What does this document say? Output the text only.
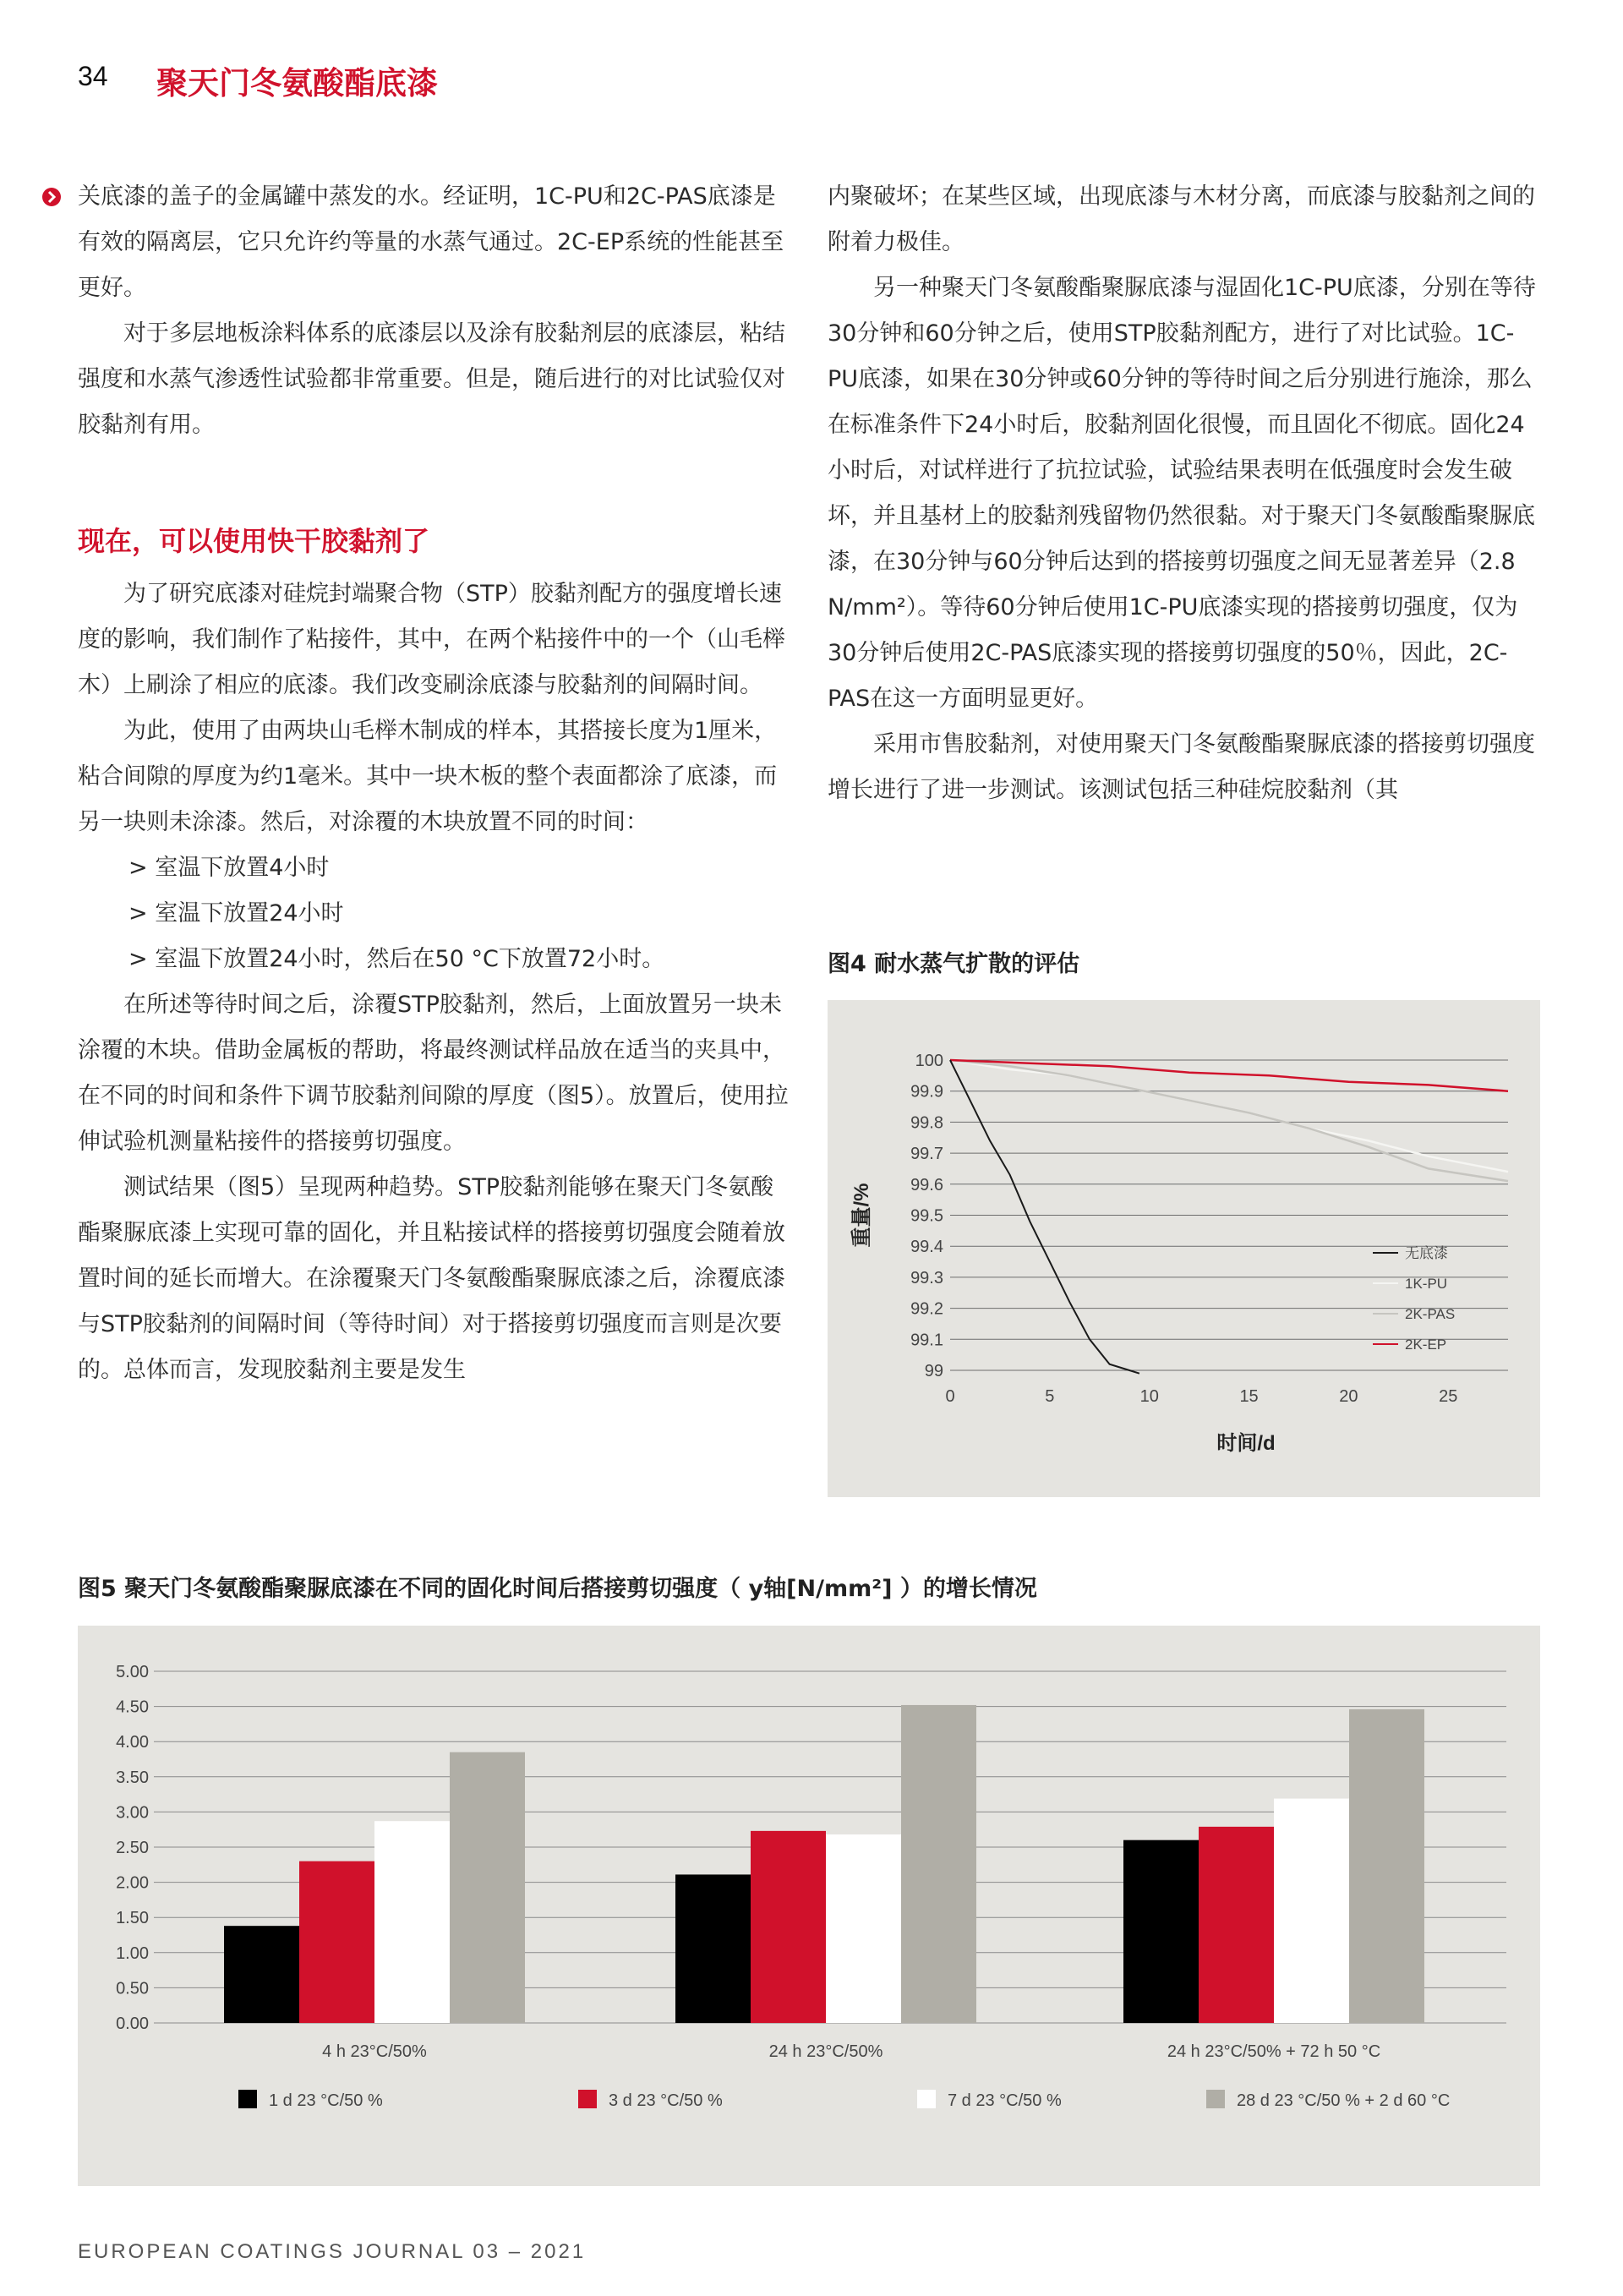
34 聚天门冬氨酸酯底漆

关底漆的盖子的金属罐中蒸发的水。经证明，1C-PU和2C-PAS底漆是有效的隔离层，它只允许约等量的水蒸气通过。2C-EP系统的性能甚至更好。

对于多层地板涂料体系的底漆层以及涂有胶黏剂层的底漆层，粘结强度和水蒸气渗透性试验都非常重要。但是，随后进行的对比试验仅对胶黏剂有用。

现在，可以使用快干胶黏剂了

为了研究底漆对硅烷封端聚合物（STP）胶黏剂配方的强度增长速度的影响，我们制作了粘接件，其中，在两个粘接件中的一个（山毛榉木）上刷涂了相应的底漆。我们改变刷涂底漆与胶黏剂的间隔时间。

为此，使用了由两块山毛榉木制成的样本，其搭接长度为1厘米，粘合间隙的厚度为约1毫米。其中一块木板的整个表面都涂了底漆，而另一块则未涂漆。然后，对涂覆的木块放置不同的时间：

> 室温下放置4小时

> 室温下放置24小时

> 室温下放置24小时，然后在50 °C下放置72小时。

在所述等待时间之后，涂覆STP胶黏剂，然后，上面放置另一块未涂覆的木块。借助金属板的帮助，将最终测试样品放在适当的夹具中，在不同的时间和条件下调节胶黏剂间隙的厚度（图5）。放置后，使用拉伸试验机测量粘接件的搭接剪切强度。

测试结果（图5）呈现两种趋势。STP胶黏剂能够在聚天门冬氨酸酯聚脲底漆上实现可靠的固化，并且粘接试样的搭接剪切强度会随着放置时间的延长而增大。在涂覆聚天门冬氨酸酯聚脲底漆之后，涂覆底漆与STP胶黏剂的间隔时间（等待时间）对于搭接剪切强度而言则是次要的。总体而言，发现胶黏剂主要是发生

内聚破坏；在某些区域，出现底漆与木材分离，而底漆与胶黏剂之间的附着力极佳。

另一种聚天门冬氨酸酯聚脲底漆与湿固化1C-PU底漆，分别在等待30分钟和60分钟之后，使用STP胶黏剂配方，进行了对比试验。1C-PU底漆，如果在30分钟或60分钟的等待时间之后分别进行施涂，那么在标准条件下24小时后，胶黏剂固化很慢，而且固化不彻底。固化24小时后，对试样进行了抗拉试验，试验结果表明在低强度时会发生破坏，并且基材上的胶黏剂残留物仍然很黏。对于聚天门冬氨酸酯聚脲底漆，在30分钟与60分钟后达到的搭接剪切强度之间无显著差异（2.8 N/mm²）。等待60分钟后使用1C-PU底漆实现的搭接剪切强度，仅为30分钟后使用2C-PAS底漆实现的搭接剪切强度的50％，因此，2C-PAS在这一方面明显更好。

采用市售胶黏剂，对使用聚天门冬氨酸酯聚脲底漆的搭接剪切强度增长进行了进一步测试。该测试包括三种硅烷胶黏剂（其

图4 耐水蒸气扩散的评估
100
99.9
99.8
99.7
99.6
99.5
99.4
99.3
99.2
99.1
99
0	5	10	15	20	25
时间/d
重量/%
无底漆
1K-PU
2K-PAS
2K-EP
图5 聚天门冬氨酸酯聚脲底漆在不同的固化时间后搭接剪切强度（ y轴[N/mm²] ）的增长情况
5.00
4.50
4.00
3.50
3.00
2.50
2.00
1.50
1.00
0.50
0.00
4 h 23°C/50%	24 h 23°C/50%	24 h 23°C/50% + 72 h 50 °C
1 d 23 °C/50 %	3 d 23 °C/50 %	7 d 23 °C/50 %	28 d 23 °C/50 % + 2 d 60 °C
EUROPEAN COATINGS JOURNAL 03 – 2021
